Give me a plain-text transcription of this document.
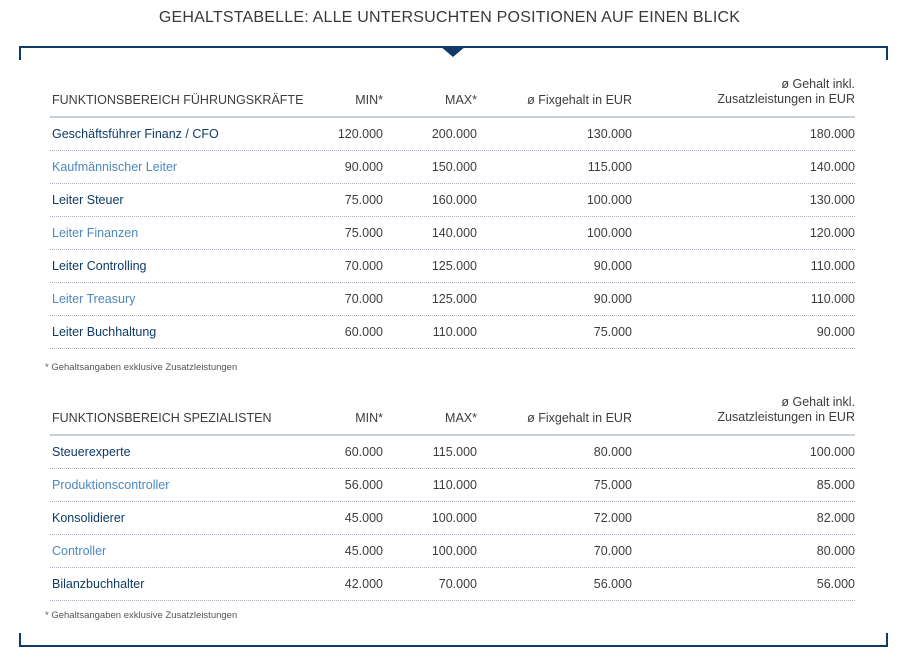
GEHALTSTABELLE: ALLE UNTERSUCHTEN POSITIONEN AUF EINEN BLICK
FUNKTIONSBEREICH FÜHRUNGSKRÄFTE	MIN*	MAX*	ø Fixgehalt in EUR
ø Gehalt inkl.
Zusatzleistungen in EUR
Geschäftsführer Finanz / CFO	120.000	200.000	130.000	180.000
Kaufmännischer Leiter	90.000	150.000	115.000	140.000
Leiter Steuer	75.000	160.000	100.000	130.000
Leiter Finanzen	75.000	140.000	100.000	120.000
Leiter Controlling	70.000	125.000	90.000	110.000
Leiter Treasury	70.000	125.000	90.000	110.000
Leiter Buchhaltung	60.000	110.000	75.000	90.000
* Gehaltsangaben exklusive Zusatzleistungen
FUNKTIONSBEREICH SPEZIALISTEN	MIN*	MAX*	ø Fixgehalt in EUR
ø Gehalt inkl.
Zusatzleistungen in EUR
Steuerexperte	60.000	115.000	80.000	100.000
Produktionscontroller	56.000	110.000	75.000	85.000
Konsolidierer	45.000	100.000	72.000	82.000
Controller	45.000	100.000	70.000	80.000
Bilanzbuchhalter	42.000	70.000	56.000	56.000
* Gehaltsangaben exklusive Zusatzleistungen
